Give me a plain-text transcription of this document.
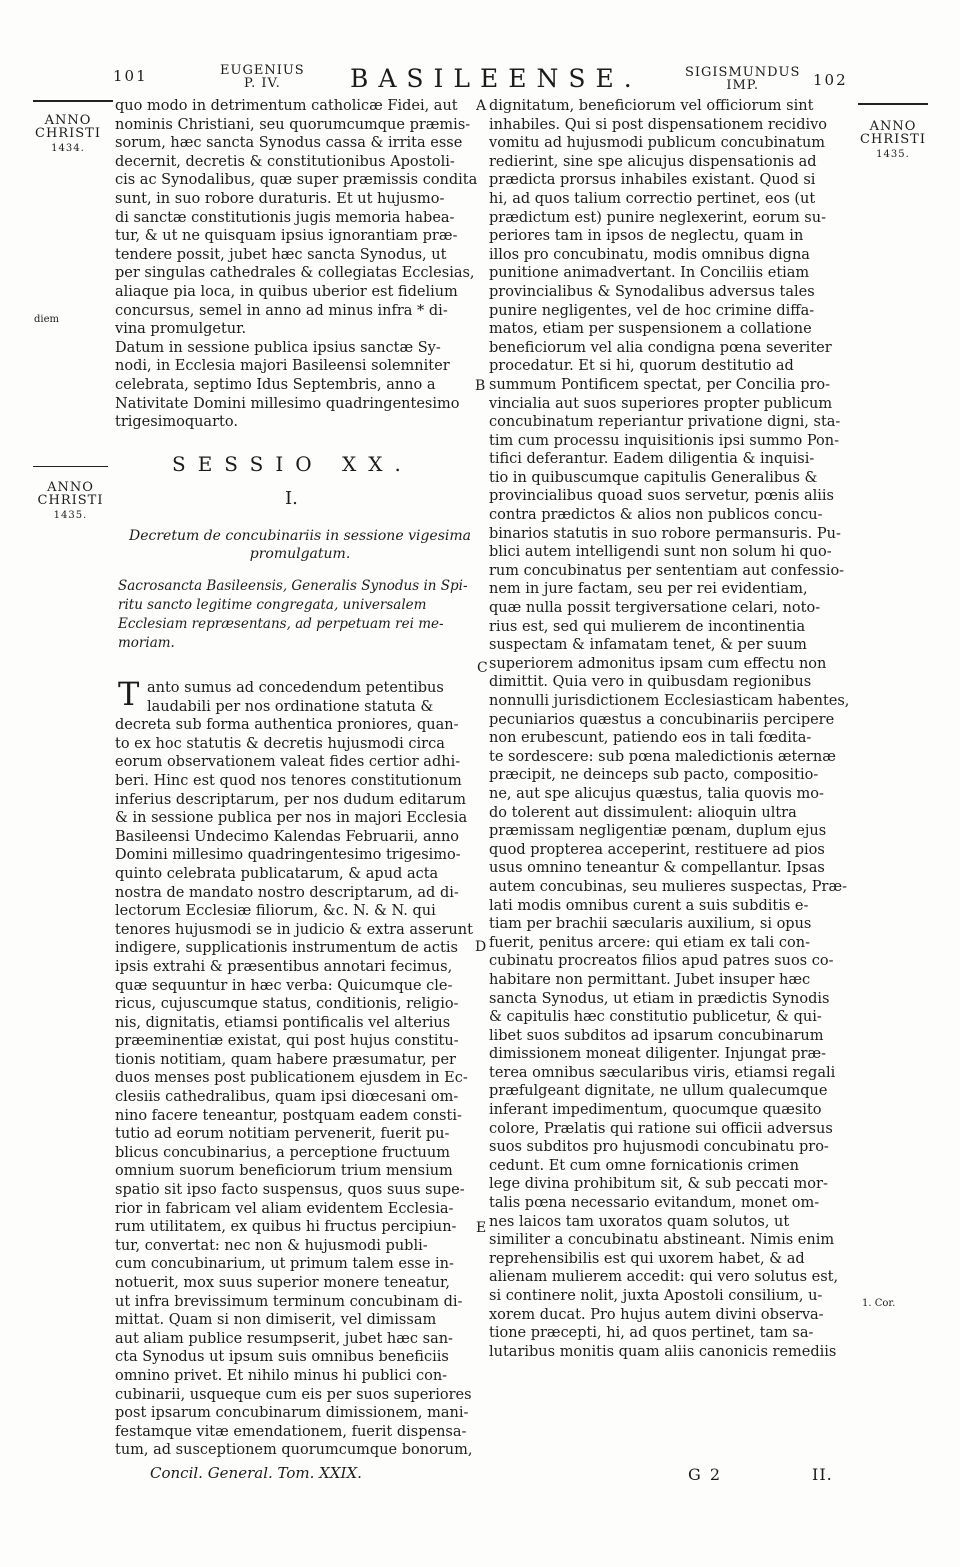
101	EUGENIUS
P. IV.	BASILEENSE.	SIGISMUNDUS
IMP.	102
ANNO
CHRISTI
1434.
diem
ANNO
CHRISTI
1435.
ANNO
CHRISTI
1435.
1. Cor.
A
B
C
D
E

quo modo in detrimentum catholicæ Fidei, aut

nominis Christiani, seu quorumcumque præmis-

sorum, hæc sancta Synodus cassa & irrita esse

decernit, decretis & constitutionibus Apostoli-

cis ac Synodalibus, quæ super præmissis condita

sunt, in suo robore duraturis. Et ut hujusmo-

di sanctæ constitutionis jugis memoria habea-

tur, & ut ne quisquam ipsius ignorantiam præ-

tendere possit, jubet hæc sancta Synodus, ut

per singulas cathedrales & collegiatas Ecclesias,

aliaque pia loca, in quibus uberior est fidelium

concursus, semel in anno ad minus infra * di-

vina promulgetur.

Datum in sessione publica ipsius sanctæ Sy-

nodi, in Ecclesia majori Basileensi solemniter

celebrata, septimo Idus Septembris, anno a

Nativitate Domini millesimo quadringentesimo

trigesimoquarto.

SESSIO XX.
I.
Decretum de concubinariis in sessione vigesima
promulgatum.

Sacrosancta Basileensis, Generalis Synodus in Spi-

ritu sancto legitime congregata, universalem

Ecclesiam repræsentans, ad perpetuam rei me-

moriam.

T anto sumus ad concedendum petentibus

laudabili per nos ordinatione statuta &

decreta sub forma authentica proniores, quan-

to ex hoc statutis & decretis hujusmodi circa

eorum observationem valeat fides certior adhi-

beri. Hinc est quod nos tenores constitutionum

inferius descriptarum, per nos dudum editarum

& in sessione publica per nos in majori Ecclesia

Basileensi Undecimo Kalendas Februarii, anno

Domini millesimo quadringentesimo trigesimo-

quinto celebrata publicatarum, & apud acta

nostra de mandato nostro descriptarum, ad di-

lectorum Ecclesiæ filiorum, &c. N. & N. qui

tenores hujusmodi se in judicio & extra asserunt

indigere, supplicationis instrumentum de actis

ipsis extrahi & præsentibus annotari fecimus,

quæ sequuntur in hæc verba: Quicumque cle-

ricus, cujuscumque status, conditionis, religio-

nis, dignitatis, etiamsi pontificalis vel alterius

præeminentiæ existat, qui post hujus constitu-

tionis notitiam, quam habere præsumatur, per

duos menses post publicationem ejusdem in Ec-

clesiis cathedralibus, quam ipsi diœcesani om-

nino facere teneantur, postquam eadem consti-

tutio ad eorum notitiam pervenerit, fuerit pu-

blicus concubinarius, a perceptione fructuum

omnium suorum beneficiorum trium mensium

spatio sit ipso facto suspensus, quos suus supe-

rior in fabricam vel aliam evidentem Ecclesia-

rum utilitatem, ex quibus hi fructus percipiun-

tur, convertat: nec non & hujusmodi publi-

cum concubinarium, ut primum talem esse in-

notuerit, mox suus superior monere teneatur,

ut infra brevissimum terminum concubinam di-

mittat. Quam si non dimiserit, vel dimissam

aut aliam publice resumpserit, jubet hæc san-

cta Synodus ut ipsum suis omnibus beneficiis

omnino privet. Et nihilo minus hi publici con-

cubinarii, usqueque cum eis per suos superiores

post ipsarum concubinarum dimissionem, mani-

festamque vitæ emendationem, fuerit dispensa-

tum, ad susceptionem quorumcumque bonorum,

dignitatum, beneficiorum vel officiorum sint

inhabiles. Qui si post dispensationem recidivo

vomitu ad hujusmodi publicum concubinatum

redierint, sine spe alicujus dispensationis ad

prædicta prorsus inhabiles existant. Quod si

hi, ad quos talium correctio pertinet, eos (ut

prædictum est) punire neglexerint, eorum su-

periores tam in ipsos de neglectu, quam in

illos pro concubinatu, modis omnibus digna

punitione animadvertant. In Conciliis etiam

provincialibus & Synodalibus adversus tales

punire negligentes, vel de hoc crimine diffa-

matos, etiam per suspensionem a collatione

beneficiorum vel alia condigna pœna severiter

procedatur. Et si hi, quorum destitutio ad

summum Pontificem spectat, per Concilia pro-

vincialia aut suos superiores propter publicum

concubinatum reperiantur privatione digni, sta-

tim cum processu inquisitionis ipsi summo Pon-

tifici deferantur. Eadem diligentia & inquisi-

tio in quibuscumque capitulis Generalibus &

provincialibus quoad suos servetur, pœnis aliis

contra prædictos & alios non publicos concu-

binarios statutis in suo robore permansuris. Pu-

blici autem intelligendi sunt non solum hi quo-

rum concubinatus per sententiam aut confessio-

nem in jure factam, seu per rei evidentiam,

quæ nulla possit tergiversatione celari, noto-

rius est, sed qui mulierem de incontinentia

suspectam & infamatam tenet, & per suum

superiorem admonitus ipsam cum effectu non

dimittit. Quia vero in quibusdam regionibus

nonnulli jurisdictionem Ecclesiasticam habentes,

pecuniarios quæstus a concubinariis percipere

non erubescunt, patiendo eos in tali fœdita-

te sordescere: sub pœna maledictionis æternæ

præcipit, ne deinceps sub pacto, compositio-

ne, aut spe alicujus quæstus, talia quovis mo-

do tolerent aut dissimulent: alioquin ultra

præmissam negligentiæ pœnam, duplum ejus

quod propterea acceperint, restituere ad pios

usus omnino teneantur & compellantur. Ipsas

autem concubinas, seu mulieres suspectas, Præ-

lati modis omnibus curent a suis subditis e-

tiam per brachii sæcularis auxilium, si opus

fuerit, penitus arcere: qui etiam ex tali con-

cubinatu procreatos filios apud patres suos co-

habitare non permittant. Jubet insuper hæc

sancta Synodus, ut etiam in prædictis Synodis

& capitulis hæc constitutio publicetur, & qui-

libet suos subditos ad ipsarum concubinarum

dimissionem moneat diligenter. Injungat præ-

terea omnibus sæcularibus viris, etiamsi regali

præfulgeant dignitate, ne ullum qualecumque

inferant impedimentum, quocumque quæsito

colore, Prælatis qui ratione sui officii adversus

suos subditos pro hujusmodi concubinatu pro-

cedunt. Et cum omne fornicationis crimen

lege divina prohibitum sit, & sub peccati mor-

talis pœna necessario evitandum, monet om-

nes laicos tam uxoratos quam solutos, ut

similiter a concubinatu abstineant. Nimis enim

reprehensibilis est qui uxorem habet, & ad

alienam mulierem accedit: qui vero solutus est,

si continere nolit, juxta Apostoli consilium, u-

xorem ducat. Pro hujus autem divini observa-

tione præcepti, hi, ad quos pertinet, tam sa-

lutaribus monitis quam aliis canonicis remediis

Concil. General. Tom. XXIX.	G 2	II.
